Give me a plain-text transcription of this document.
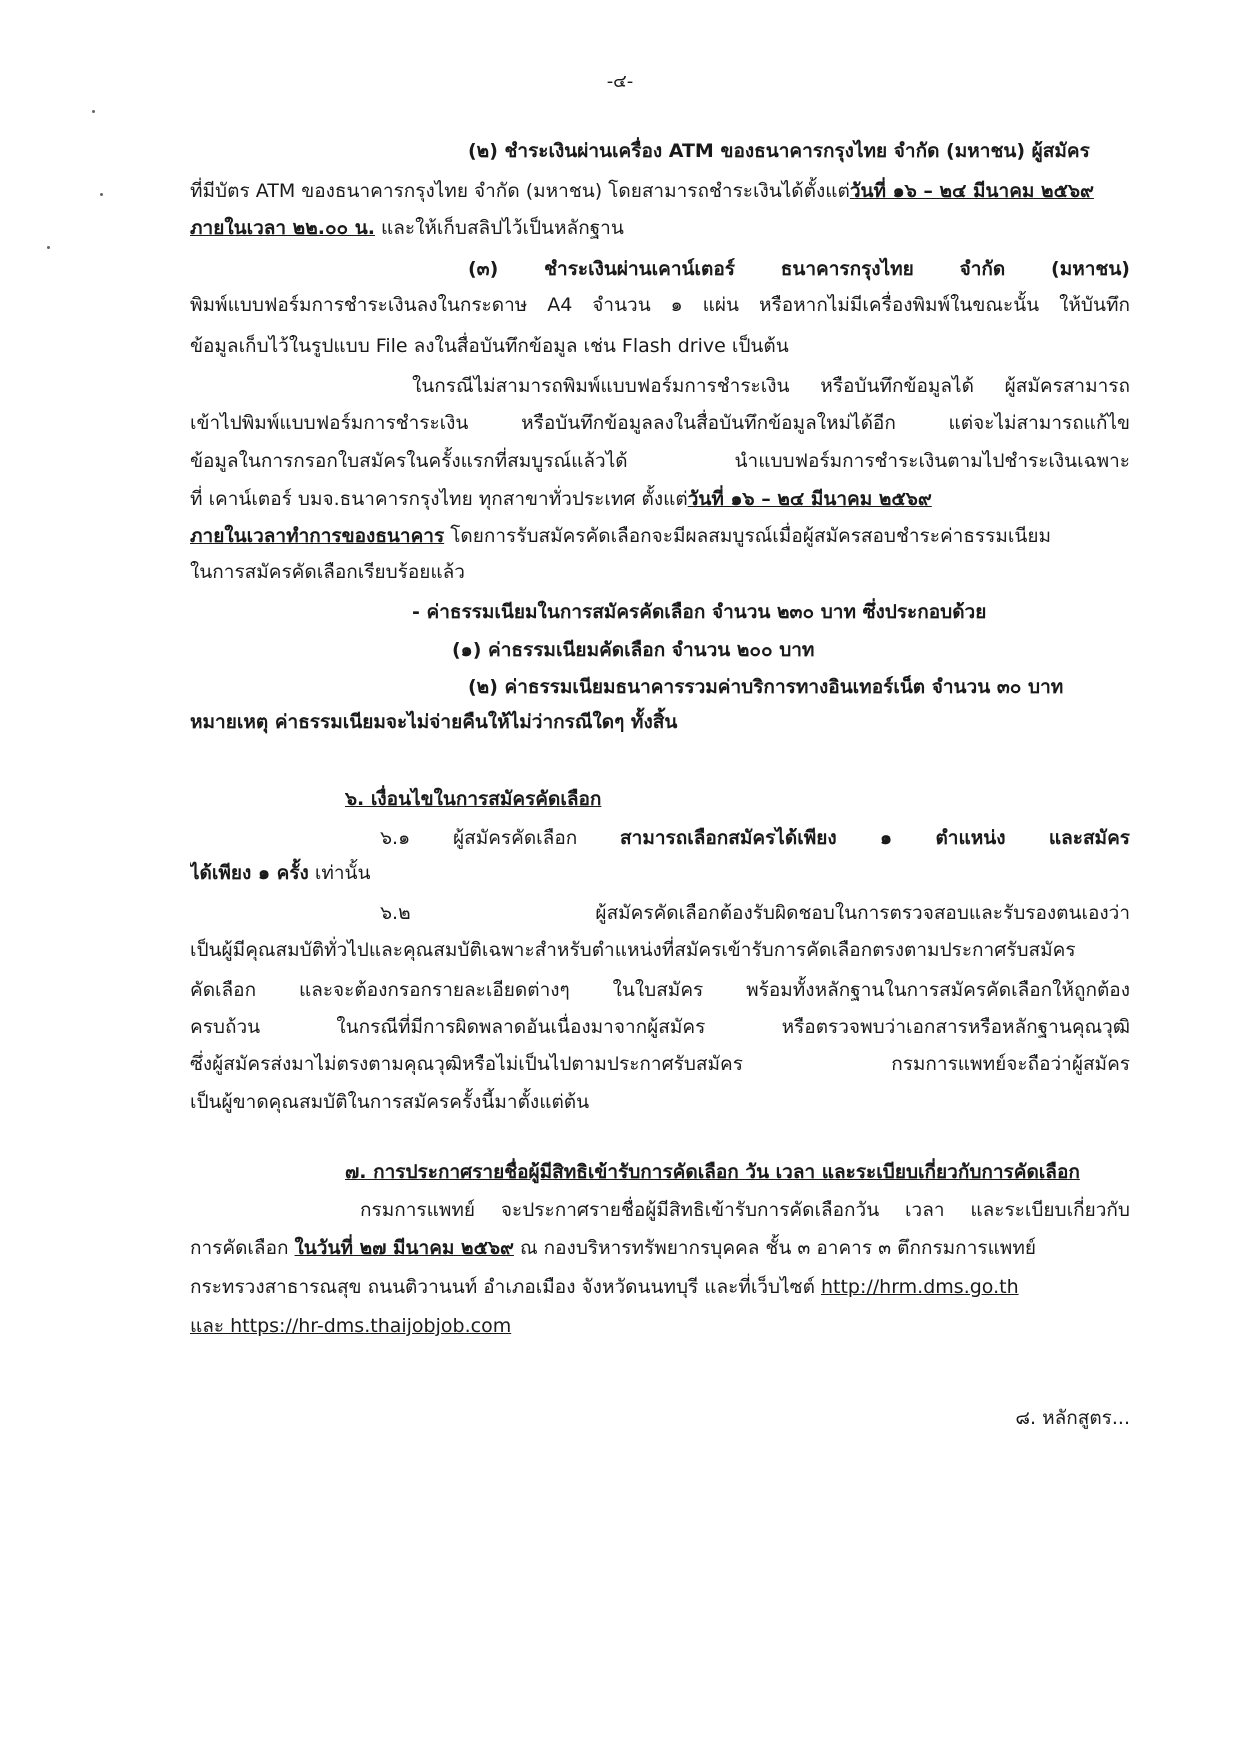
-๔-
(๒) ชำระเงินผ่านเครื่อง ATM ของธนาคารกรุงไทย จำกัด (มหาชน) ผู้สมัคร
ที่มีบัตร ATM ของธนาคารกรุงไทย จำกัด (มหาชน) โดยสามารถชำระเงินได้ตั้งแต่วันที่ ๑๖ – ๒๔ มีนาคม ๒๕๖๙
ภายในเวลา ๒๒.๐๐ น. และให้เก็บสลิปไว้เป็นหลักฐาน
(๓) ชำระเงินผ่านเคาน์เตอร์ ธนาคารกรุงไทย จำกัด (มหาชน)
พิมพ์แบบฟอร์มการชำระเงินลงในกระดาษ A4 จำนวน ๑ แผ่น หรือหากไม่มีเครื่องพิมพ์ในขณะนั้น ให้บันทึก
ข้อมูลเก็บไว้ในรูปแบบ File ลงในสื่อบันทึกข้อมูล เช่น Flash drive เป็นต้น
ในกรณีไม่สามารถพิมพ์แบบฟอร์มการชำระเงิน หรือบันทึกข้อมูลได้ ผู้สมัครสามารถ
เข้าไปพิมพ์แบบฟอร์มการชำระเงิน หรือบันทึกข้อมูลลงในสื่อบันทึกข้อมูลใหม่ได้อีก แต่จะไม่สามารถแก้ไข
ข้อมูลในการกรอกใบสมัครในครั้งแรกที่สมบูรณ์แล้วได้ นำแบบฟอร์มการชำระเงินตามไปชำระเงินเฉพาะ
ที่ เคาน์เตอร์ บมจ.ธนาคารกรุงไทย ทุกสาขาทั่วประเทศ ตั้งแต่วันที่ ๑๖ – ๒๔ มีนาคม ๒๕๖๙
ภายในเวลาทำการของธนาคาร โดยการรับสมัครคัดเลือกจะมีผลสมบูรณ์เมื่อผู้สมัครสอบชำระค่าธรรมเนียม
ในการสมัครคัดเลือกเรียบร้อยแล้ว
- ค่าธรรมเนียมในการสมัครคัดเลือก จำนวน ๒๓๐ บาท ซึ่งประกอบด้วย
(๑) ค่าธรรมเนียมคัดเลือก จำนวน ๒๐๐ บาท
(๒) ค่าธรรมเนียมธนาคารรวมค่าบริการทางอินเทอร์เน็ต จำนวน ๓๐ บาท
หมายเหตุ ค่าธรรมเนียมจะไม่จ่ายคืนให้ไม่ว่ากรณีใดๆ ทั้งสิ้น
๖. เงื่อนไขในการสมัครคัดเลือก
๖.๑ ผู้สมัครคัดเลือก สามารถเลือกสมัครได้เพียง ๑ ตำแหน่ง และสมัคร
ได้เพียง ๑ ครั้ง เท่านั้น
๖.๒ ผู้สมัครคัดเลือกต้องรับผิดชอบในการตรวจสอบและรับรองตนเองว่า
เป็นผู้มีคุณสมบัติทั่วไปและคุณสมบัติเฉพาะสำหรับตำแหน่งที่สมัครเข้ารับการคัดเลือกตรงตามประกาศรับสมัคร
คัดเลือก และจะต้องกรอกรายละเอียดต่างๆ ในใบสมัคร พร้อมทั้งหลักฐานในการสมัครคัดเลือกให้ถูกต้อง
ครบถ้วน ในกรณีที่มีการผิดพลาดอันเนื่องมาจากผู้สมัคร หรือตรวจพบว่าเอกสารหรือหลักฐานคุณวุฒิ
ซึ่งผู้สมัครส่งมาไม่ตรงตามคุณวุฒิหรือไม่เป็นไปตามประกาศรับสมัคร กรมการแพทย์จะถือว่าผู้สมัคร
เป็นผู้ขาดคุณสมบัติในการสมัครครั้งนี้มาตั้งแต่ต้น
๗. การประกาศรายชื่อผู้มีสิทธิเข้ารับการคัดเลือก วัน เวลา และระเบียบเกี่ยวกับการคัดเลือก
กรมการแพทย์ จะประกาศรายชื่อผู้มีสิทธิเข้ารับการคัดเลือกวัน เวลา และระเบียบเกี่ยวกับ
การคัดเลือก ในวันที่ ๒๗ มีนาคม ๒๕๖๙ ณ กองบริหารทรัพยากรบุคคล ชั้น ๓ อาคาร ๓ ตึกกรมการแพทย์
กระทรวงสาธารณสุข ถนนติวานนท์ อำเภอเมือง จังหวัดนนทบุรี และที่เว็บไซต์ http://hrm.dms.go.th
และ https://hr-dms.thaijobjob.com
๘. หลักสูตร...
